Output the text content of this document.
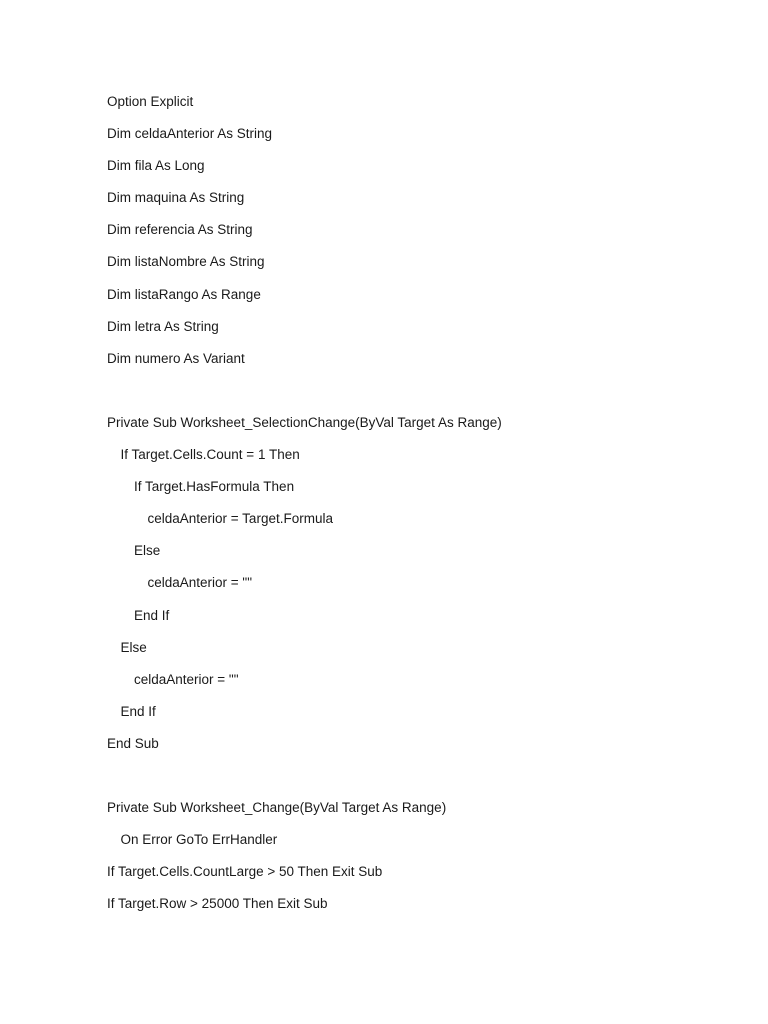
Option Explicit

Dim celdaAnterior As String

Dim fila As Long

Dim maquina As String

Dim referencia As String

Dim listaNombre As String

Dim listaRango As Range

Dim letra As String

Dim numero As Variant

Private Sub Worksheet_SelectionChange(ByVal Target As Range)

If Target.Cells.Count = 1 Then

If Target.HasFormula Then

celdaAnterior = Target.Formula

Else

celdaAnterior = ""

End If

Else

celdaAnterior = ""

End If

End Sub

Private Sub Worksheet_Change(ByVal Target As Range)

On Error GoTo ErrHandler

If Target.Cells.CountLarge > 50 Then Exit Sub

If Target.Row > 25000 Then Exit Sub
